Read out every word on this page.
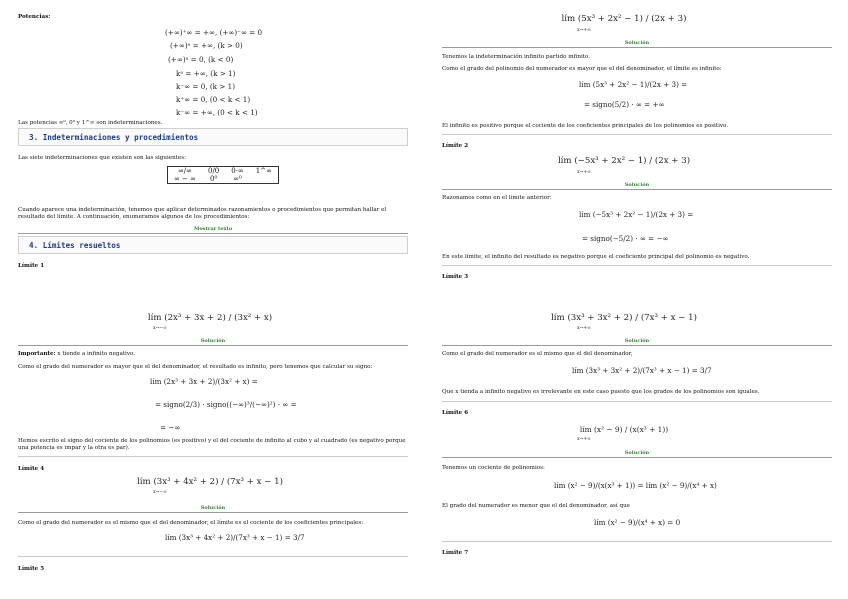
Potencias:
(+∞)⁺∞ = +∞, (+∞)⁻∞ = 0
(+∞)ᵃ = +∞, (k > 0)
(+∞)ᵃ = 0, (k < 0)
kᵃ = +∞, (k > 1)
k⁻∞ = 0, (k > 1)
k⁺∞ = 0, (0 < k < 1)
k⁻∞ = +∞, (0 < k < 1)
Las potencias ∞⁰, 0⁰ y 1^∞ son indeterminaciones.
3. Indeterminaciones y procedimientos
Las siete indeterminaciones que existen son las siguientes:
∞/∞	0/0	0·∞	1^∞
∞ − ∞	0⁰	∞⁰	
Cuando aparece una indeterminación, tenemos que aplicar determinados razonamientos o procedimientos que permitan hallar el resultado del límite. A continuación, enumeramos algunos de los procedimientos:
Mostrar texto
4. Límites resueltos
Límite 1
lím (2x³ + 3x + 2) / (3x² + x)
x→−∞
Solución
Importante: x tiende a infinito negativo.
Como el grado del numerador es mayor que el del denominador, el resultado es infinito, pero tenemos que calcular su signo:
lím (2x³ + 3x + 2)/(3x² + x) =
= signo(2/3) · signo((−∞)³/(−∞)²) · ∞ =
= −∞
Hemos escrito el signo del cociente de los polinomios (es positivo) y el del cociente de infinito al cubo y al cuadrado (es negativo porque una potencia es impar y la otra es par).
Límite 4
lím (3x³ + 4x² + 2) / (7x³ + x − 1)
x→−∞
Solución
Como el grado del numerador es el mismo que el del denominador, el límite es el cociente de los coeficientes principales:
lím (3x³ + 4x² + 2)/(7x³ + x − 1) = 3/7
Límite 5
lím (5x³ + 2x² − 1) / (2x + 3)
x→+∞
Solución
Tenemos la indeterminación infinito partido infinito.
Como el grado del polinomio del numerador es mayor que el del denominador, el límite es infinito:
lím (5x³ + 2x² − 1)/(2x + 3) =
= signo(5/2) · ∞ = +∞
El infinito es positivo porque el cociente de los coeficientes principales de los polinomios es positivo.
Límite 2
lím (−5x³ + 2x² − 1) / (2x + 3)
x→+∞
Solución
Razonamos como en el límite anterior:
lím (−5x³ + 2x² − 1)/(2x + 3) =
= signo(−5/2) · ∞ = −∞
En este límite, el infinito del resultado es negativo porque el coeficiente principal del polinomio es negativo.
Límite 3
lím (3x³ + 3x² + 2) / (7x³ + x − 1)
x→+∞
Solución
Como el grado del numerador es el mismo que el del denominador,
lím (3x³ + 3x² + 2)/(7x³ + x − 1) = 3/7
Que x tienda a infinito negativo es irrelevante en este caso puesto que los grados de los polinomios son iguales.
Límite 6
lím (x² − 9) / (x(x³ + 1))
x→+∞
Solución
Tenemos un cociente de polinomios:
lím (x² − 9)/(x(x³ + 1)) = lím (x² − 9)/(x⁴ + x)
El grado del numerador es menor que el del denominador, así que
lím (x² − 9)/(x⁴ + x) = 0
Límite 7
